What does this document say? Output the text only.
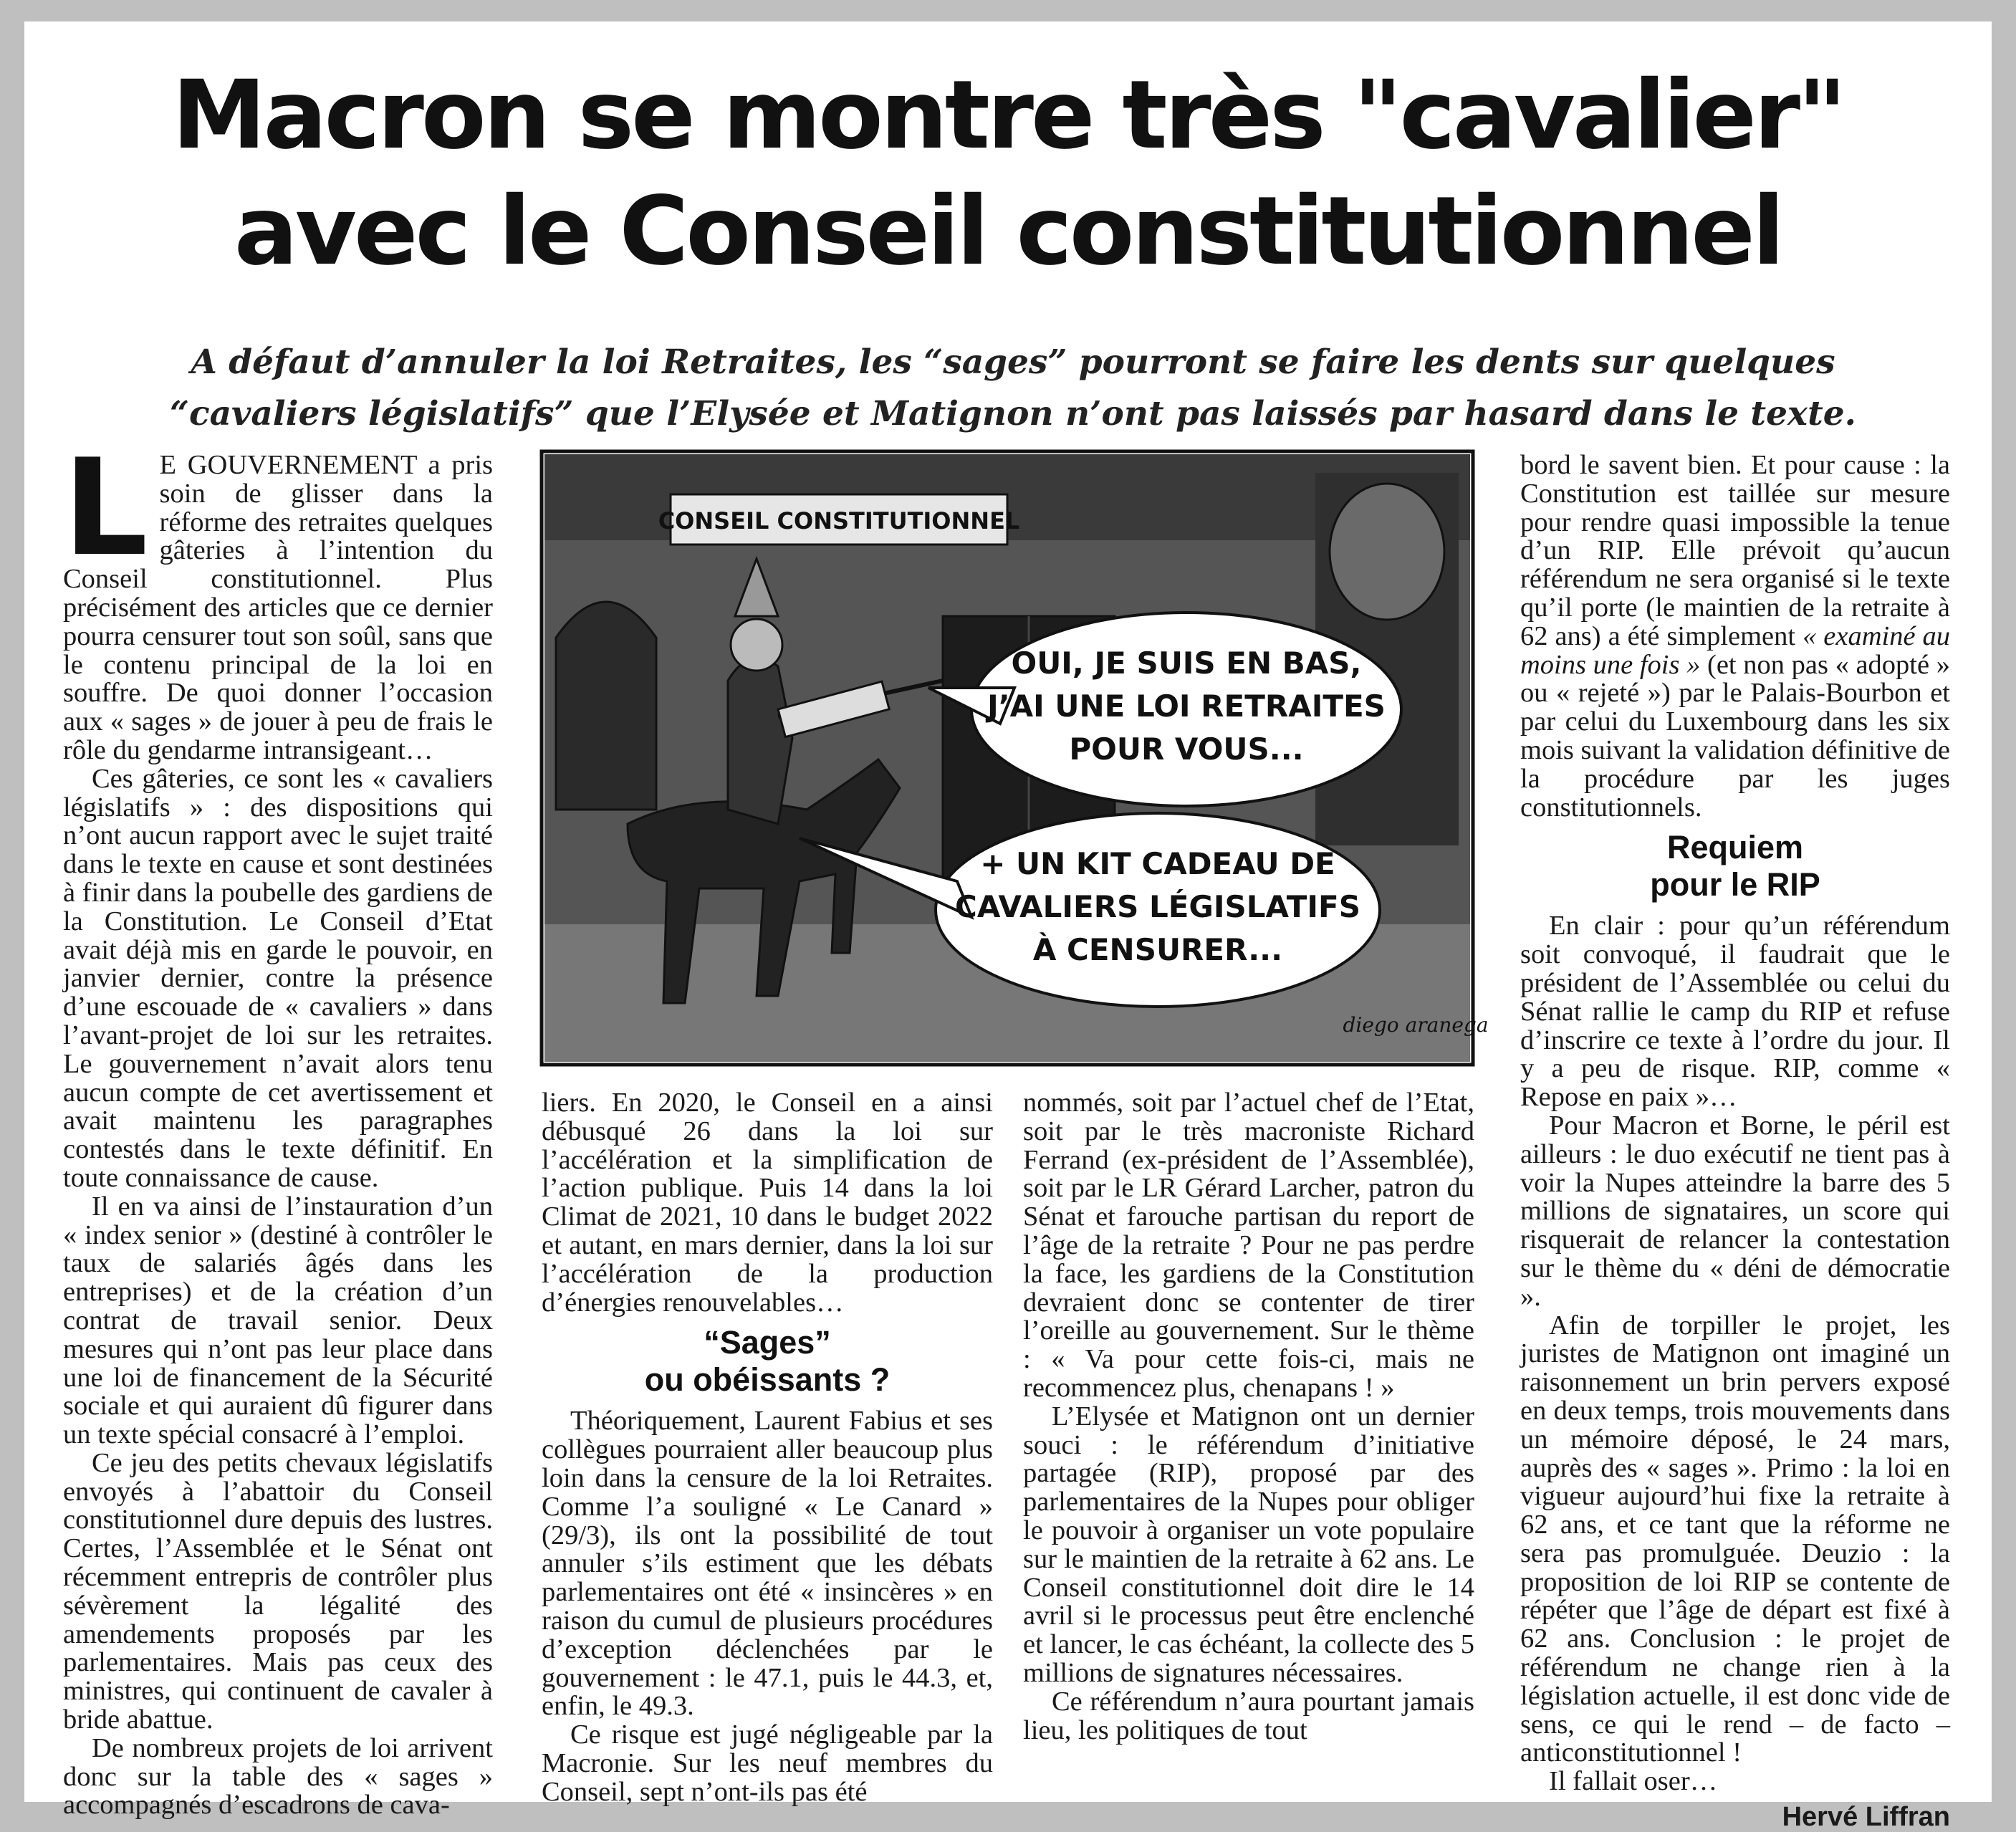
Macron se montre très "cavalier"
avec le Conseil constitutionnel
A défaut d’annuler la loi Retraites, les “sages” pourront se faire les dents sur quelques “cavaliers législatifs” que l’Elysée et Matignon n’ont pas laissés par hasard dans le texte.

L E GOUVERNEMENT a pris soin de glisser dans la réforme des retraites quelques gâteries à l’intention du Conseil constitutionnel. Plus précisément des articles que ce dernier pourra censurer tout son soûl, sans que le contenu principal de la loi en souffre. De quoi donner l’occasion aux « sages » de jouer à peu de frais le rôle du gendarme intransigeant…

Ces gâteries, ce sont les « cavaliers législatifs » : des dispositions qui n’ont aucun rapport avec le sujet traité dans le texte en cause et sont destinées à finir dans la poubelle des gardiens de la Constitution. Le Conseil d’Etat avait déjà mis en garde le pouvoir, en janvier dernier, contre la présence d’une escouade de « cavaliers » dans l’avant-projet de loi sur les retraites. Le gouvernement n’avait alors tenu aucun compte de cet avertissement et avait maintenu les paragraphes contestés dans le texte définitif. En toute connaissance de cause.

Il en va ainsi de l’instauration d’un « index senior » (destiné à contrôler le taux de salariés âgés dans les entreprises) et de la création d’un contrat de travail senior. Deux mesures qui n’ont pas leur place dans une loi de financement de la Sécurité sociale et qui auraient dû figurer dans un texte spécial consacré à l’emploi.

Ce jeu des petits chevaux législatifs envoyés à l’abattoir du Conseil constitutionnel dure depuis des lustres. Certes, l’Assemblée et le Sénat ont récemment entrepris de contrôler plus sévèrement la légalité des amendements proposés par les parlementaires. Mais pas ceux des ministres, qui continuent de cavaler à bride abattue.

De nombreux projets de loi arrivent donc sur la table des « sages » accompagnés d’escadrons de cava-

CONSEIL CONSTITUTIONNEL
OUI, JE SUIS EN BAS,
J’AI UNE LOI RETRAITES
POUR VOUS...
+ UN KIT CADEAU DE
CAVALIERS LÉGISLATIFS
À CENSURER...
diego aranega

liers. En 2020, le Conseil en a ainsi débusqué 26 dans la loi sur l’accélération et la simplification de l’action publique. Puis 14 dans la loi Climat de 2021, 10 dans le budget 2022 et autant, en mars dernier, dans la loi sur l’accélération de la production d’énergies renouvelables…

“Sages”
ou obéissants ?

Théoriquement, Laurent Fabius et ses collègues pourraient aller beaucoup plus loin dans la censure de la loi Retraites. Comme l’a souligné « Le Canard » (29/3), ils ont la possibilité de tout annuler s’ils estiment que les débats parlementaires ont été « insincères » en raison du cumul de plusieurs procédures d’exception déclenchées par le gouvernement : le 47.1, puis le 44.3, et, enfin, le 49.3.

Ce risque est jugé négligeable par la Macronie. Sur les neuf membres du Conseil, sept n’ont-ils pas été

nommés, soit par l’actuel chef de l’Etat, soit par le très macroniste Richard Ferrand (ex-président de l’Assemblée), soit par le LR Gérard Larcher, patron du Sénat et farouche partisan du report de l’âge de la retraite ? Pour ne pas perdre la face, les gardiens de la Constitution devraient donc se contenter de tirer l’oreille au gouvernement. Sur le thème : « Va pour cette fois-ci, mais ne recommencez plus, chenapans ! »

L’Elysée et Matignon ont un dernier souci : le référendum d’initiative partagée (RIP), proposé par des parlementaires de la Nupes pour obliger le pouvoir à organiser un vote populaire sur le maintien de la retraite à 62 ans. Le Conseil constitutionnel doit dire le 14 avril si le processus peut être enclenché et lancer, le cas échéant, la collecte des 5 millions de signatures nécessaires.

Ce référendum n’aura pourtant jamais lieu, les politiques de tout

bord le savent bien. Et pour cause : la Constitution est taillée sur mesure pour rendre quasi impossible la tenue d’un RIP. Elle prévoit qu’aucun référendum ne sera organisé si le texte qu’il porte (le maintien de la retraite à 62 ans) a été simplement « examiné au moins une fois » (et non pas « adopté » ou « rejeté ») par le Palais-Bourbon et par celui du Luxembourg dans les six mois suivant la validation définitive de la procédure par les juges constitutionnels.

Requiem
pour le RIP

En clair : pour qu’un référendum soit convoqué, il faudrait que le président de l’Assemblée ou celui du Sénat rallie le camp du RIP et refuse d’inscrire ce texte à l’ordre du jour. Il y a peu de risque. RIP, comme « Repose en paix »…

Pour Macron et Borne, le péril est ailleurs : le duo exécutif ne tient pas à voir la Nupes atteindre la barre des 5 millions de signataires, un score qui risquerait de relancer la contestation sur le thème du « déni de démocratie ».

Afin de torpiller le projet, les juristes de Matignon ont imaginé un raisonnement un brin pervers exposé en deux temps, trois mouvements dans un mémoire déposé, le 24 mars, auprès des « sages ». Primo : la loi en vigueur aujourd’hui fixe la retraite à 62 ans, et ce tant que la réforme ne sera pas promulguée. Deuzio : la proposition de loi RIP se contente de répéter que l’âge de départ est fixé à 62 ans. Conclusion : le projet de référendum ne change rien à la législation actuelle, il est donc vide de sens, ce qui le rend – de facto – anticonstitutionnel !

Il fallait oser…

Hervé Liffran
